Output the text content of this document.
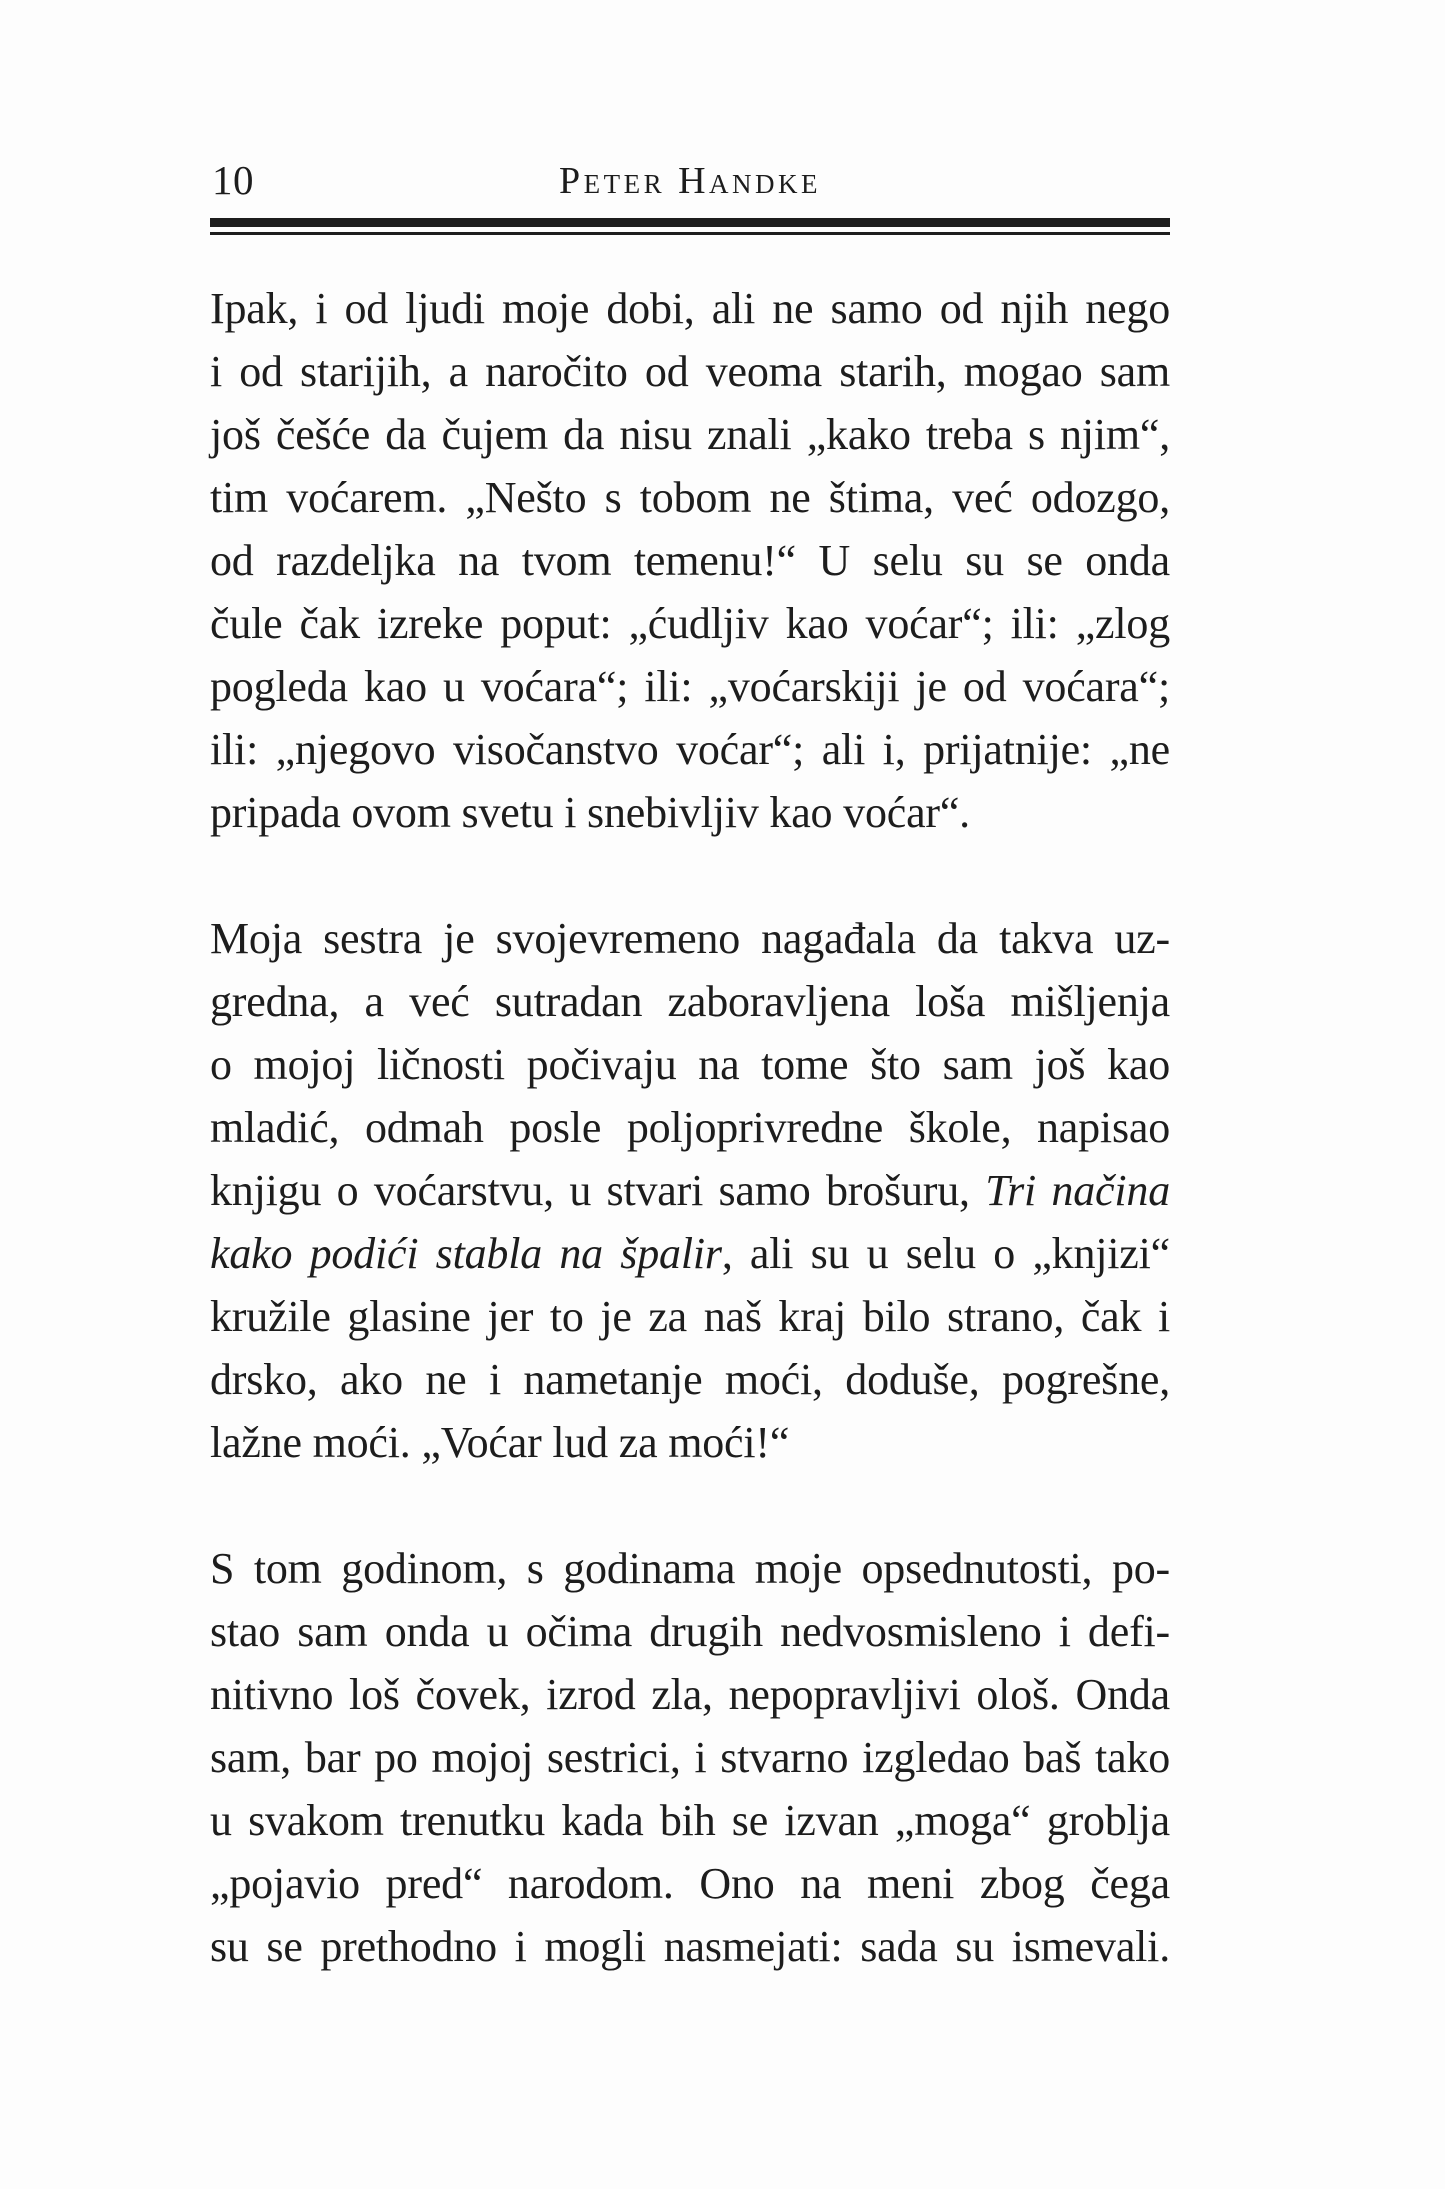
10	Peter Handke
Ipak, i od ljudi moje dobi, ali ne samo od njih nego
i od starijih, a naročito od veoma starih, mogao sam
još češće da čujem da nisu znali „kako treba s njim“,
tim voćarem. „Nešto s tobom ne štima, već odozgo,
od razdeljka na tvom temenu!“ U selu su se onda
čule čak izreke poput: „ćudljiv kao voćar“; ili: „zlog
pogleda kao u voćara“; ili: „voćarskiji je od voćara“;
ili: „njegovo visočanstvo voćar“; ali i, prijatnije: „ne
pripada ovom svetu i snebivljiv kao voćar“.
Moja sestra je svojevremeno nagađala da takva uz-
gredna, a već sutradan zaboravljena loša mišljenja
o mojoj ličnosti počivaju na tome što sam još kao
mladić, odmah posle poljoprivredne škole, napisao
knjigu o voćarstvu, u stvari samo brošuru, Tri načina
kako podići stabla na špalir, ali su u selu o „knjizi“
kružile glasine jer to je za naš kraj bilo strano, čak i
drsko, ako ne i nametanje moći, doduše, pogrešne,
lažne moći. „Voćar lud za moći!“
S tom godinom, s godinama moje opsednutosti, po-
stao sam onda u očima drugih nedvosmisleno i defi-
nitivno loš čovek, izrod zla, nepopravljivi ološ. Onda
sam, bar po mojoj sestrici, i stvarno izgledao baš tako
u svakom trenutku kada bih se izvan „moga“ groblja
„pojavio pred“ narodom. Ono na meni zbog čega
su se prethodno i mogli nasmejati: sada su ismevali.
